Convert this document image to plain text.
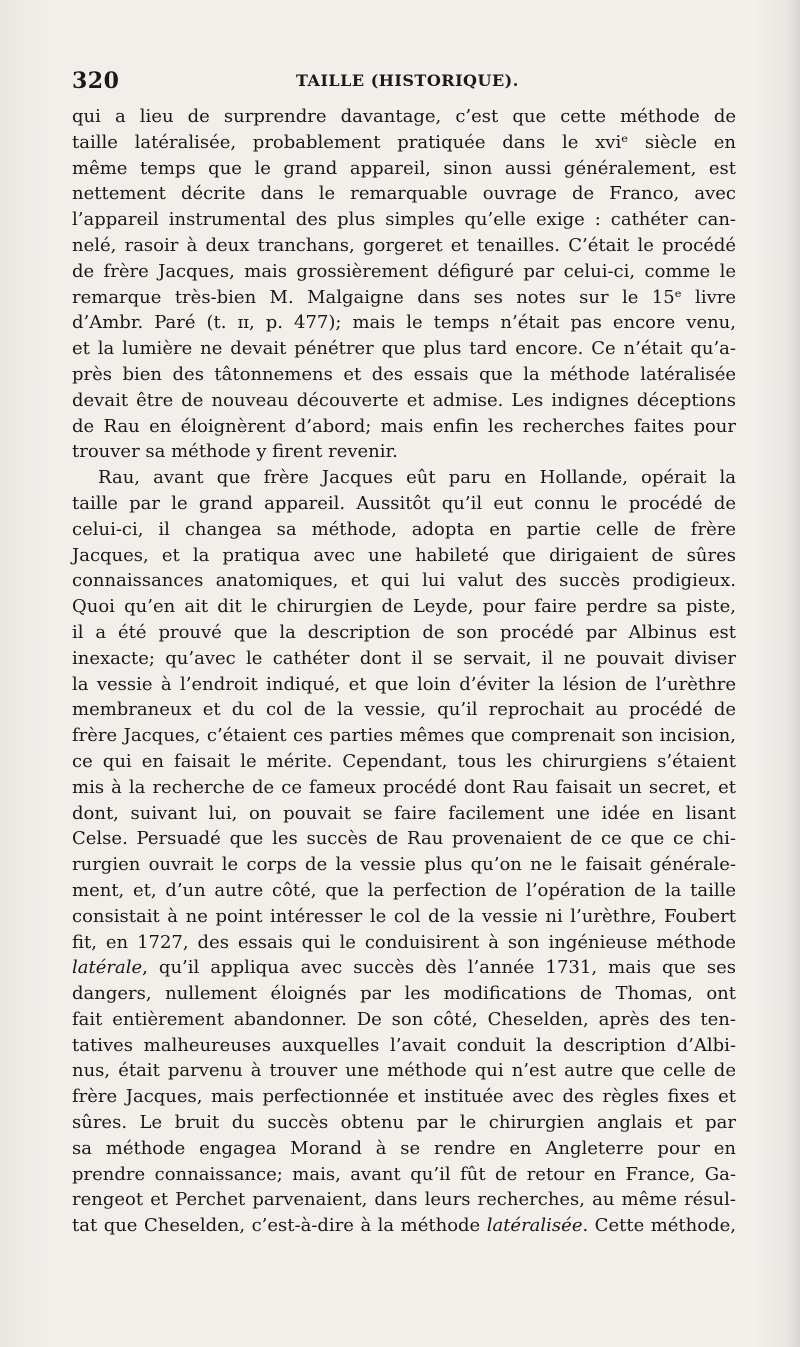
320	TAILLE (HISTORIQUE).
qui a lieu de surprendre davantage, c’est que cette méthode de
taille latéralisée, probablement pratiquée dans le xviᵉ siècle en
même temps que le grand appareil, sinon aussi généralement, est
nettement décrite dans le remarquable ouvrage de Franco, avec
l’appareil instrumental des plus simples qu’elle exige : cathéter can-
nelé, rasoir à deux tranchans, gorgeret et tenailles. C’était le procédé
de frère Jacques, mais grossièrement défiguré par celui-ci, comme le
remarque très-bien M. Malgaigne dans ses notes sur le 15ᵉ livre
d’Ambr. Paré (t. ɪɪ, p. 477); mais le temps n’était pas encore venu,
et la lumière ne devait pénétrer que plus tard encore. Ce n’était qu’a-
près bien des tâtonnemens et des essais que la méthode latéralisée
devait être de nouveau découverte et admise. Les indignes déceptions
de Rau en éloignèrent d’abord; mais enfin les recherches faites pour
trouver sa méthode y firent revenir.
Rau, avant que frère Jacques eût paru en Hollande, opérait la
taille par le grand appareil. Aussitôt qu’il eut connu le procédé de
celui-ci, il changea sa méthode, adopta en partie celle de frère
Jacques, et la pratiqua avec une habileté que dirigaient de sûres
connaissances anatomiques, et qui lui valut des succès prodigieux.
Quoi qu’en ait dit le chirurgien de Leyde, pour faire perdre sa piste,
il a été prouvé que la description de son procédé par Albinus est
inexacte; qu’avec le cathéter dont il se servait, il ne pouvait diviser
la vessie à l’endroit indiqué, et que loin d’éviter la lésion de l’urèthre
membraneux et du col de la vessie, qu’il reprochait au procédé de
frère Jacques, c’étaient ces parties mêmes que comprenait son incision,
ce qui en faisait le mérite. Cependant, tous les chirurgiens s’étaient
mis à la recherche de ce fameux procédé dont Rau faisait un secret, et
dont, suivant lui, on pouvait se faire facilement une idée en lisant
Celse. Persuadé que les succès de Rau provenaient de ce que ce chi-
rurgien ouvrait le corps de la vessie plus qu’on ne le faisait générale-
ment, et, d’un autre côté, que la perfection de l’opération de la taille
consistait à ne point intéresser le col de la vessie ni l’urèthre, Foubert
fit, en 1727, des essais qui le conduisirent à son ingénieuse méthode
latérale, qu’il appliqua avec succès dès l’année 1731, mais que ses
dangers, nullement éloignés par les modifications de Thomas, ont
fait entièrement abandonner. De son côté, Cheselden, après des ten-
tatives malheureuses auxquelles l’avait conduit la description d’Albi-
nus, était parvenu à trouver une méthode qui n’est autre que celle de
frère Jacques, mais perfectionnée et instituée avec des règles fixes et
sûres. Le bruit du succès obtenu par le chirurgien anglais et par
sa méthode engagea Morand à se rendre en Angleterre pour en
prendre connaissance; mais, avant qu’il fût de retour en France, Ga-
rengeot et Perchet parvenaient, dans leurs recherches, au même résul-
tat que Cheselden, c’est-à-dire à la méthode latéralisée. Cette méthode,
